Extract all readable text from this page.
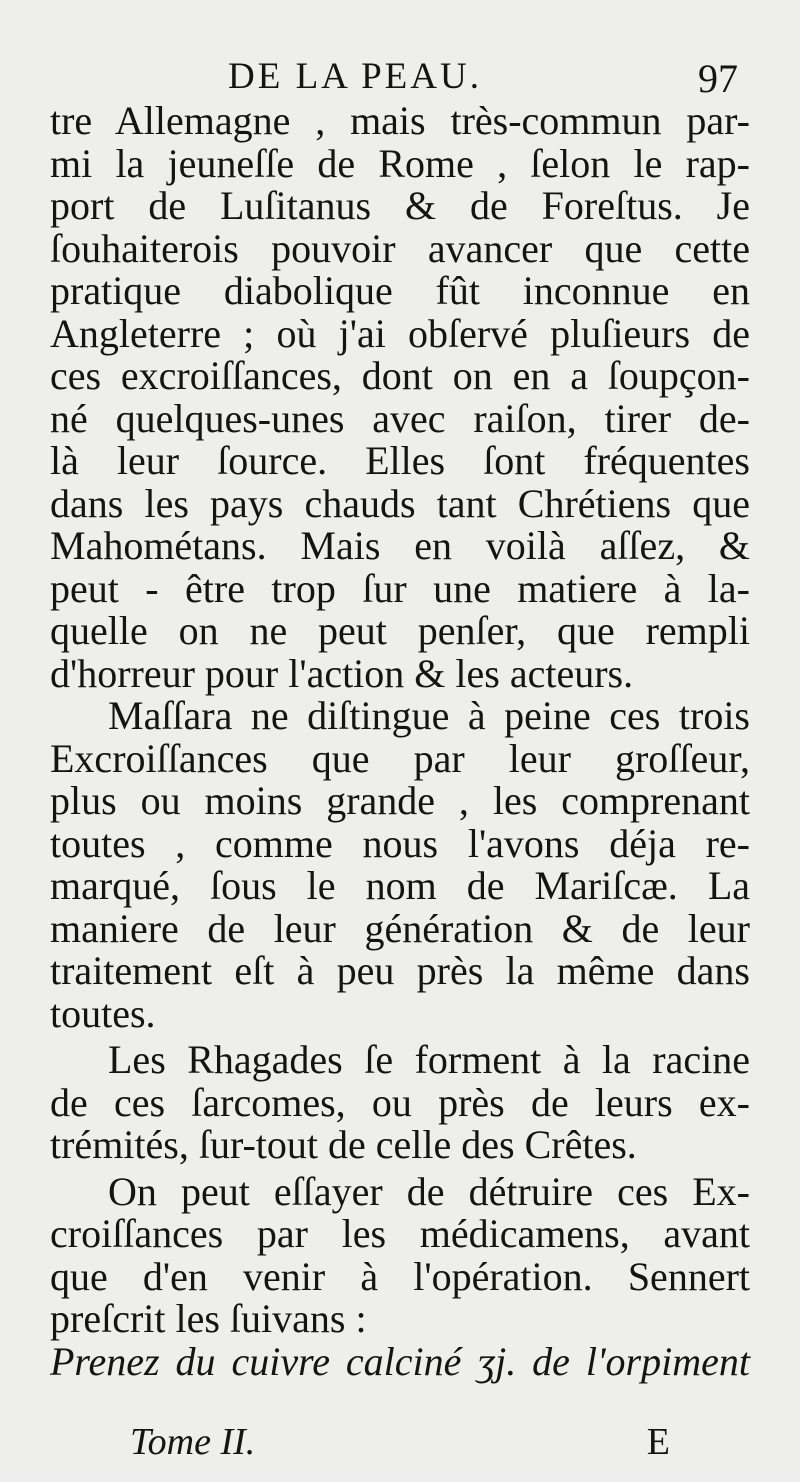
DE LA PEAU.	97
tre Allemagne , mais très-commun par-
mi la jeuneſſe de Rome , ſelon le rap-
port de Luſitanus & de Foreſtus. Je
ſouhaiterois pouvoir avancer que cette
pratique diabolique fût inconnue en
Angleterre ; où j'ai obſervé pluſieurs de
ces excroiſſances, dont on en a ſoupçon-
né quelques-unes avec raiſon, tirer de-
là leur ſource. Elles ſont fréquentes
dans les pays chauds tant Chrétiens que
Mahométans. Mais en voilà aſſez, &
peut - être trop ſur une matiere à la-
quelle on ne peut penſer, que rempli
d'horreur pour l'action & les acteurs.
Maſſara ne diſtingue à peine ces trois
Excroiſſances que par leur groſſeur,
plus ou moins grande , les comprenant
toutes , comme nous l'avons déja re-
marqué, ſous le nom de Mariſcæ. La
maniere de leur génération & de leur
traitement eſt à peu près la même dans
toutes.
Les Rhagades ſe forment à la racine
de ces ſarcomes, ou près de leurs ex-
trémités, ſur-tout de celle des Crêtes.
On peut eſſayer de détruire ces Ex-
croiſſances par les médicamens, avant
que d'en venir à l'opération. Sennert
preſcrit les ſuivans :
Prenez du cuivre calciné ʒj. de l'orpiment
Tome II.	E
